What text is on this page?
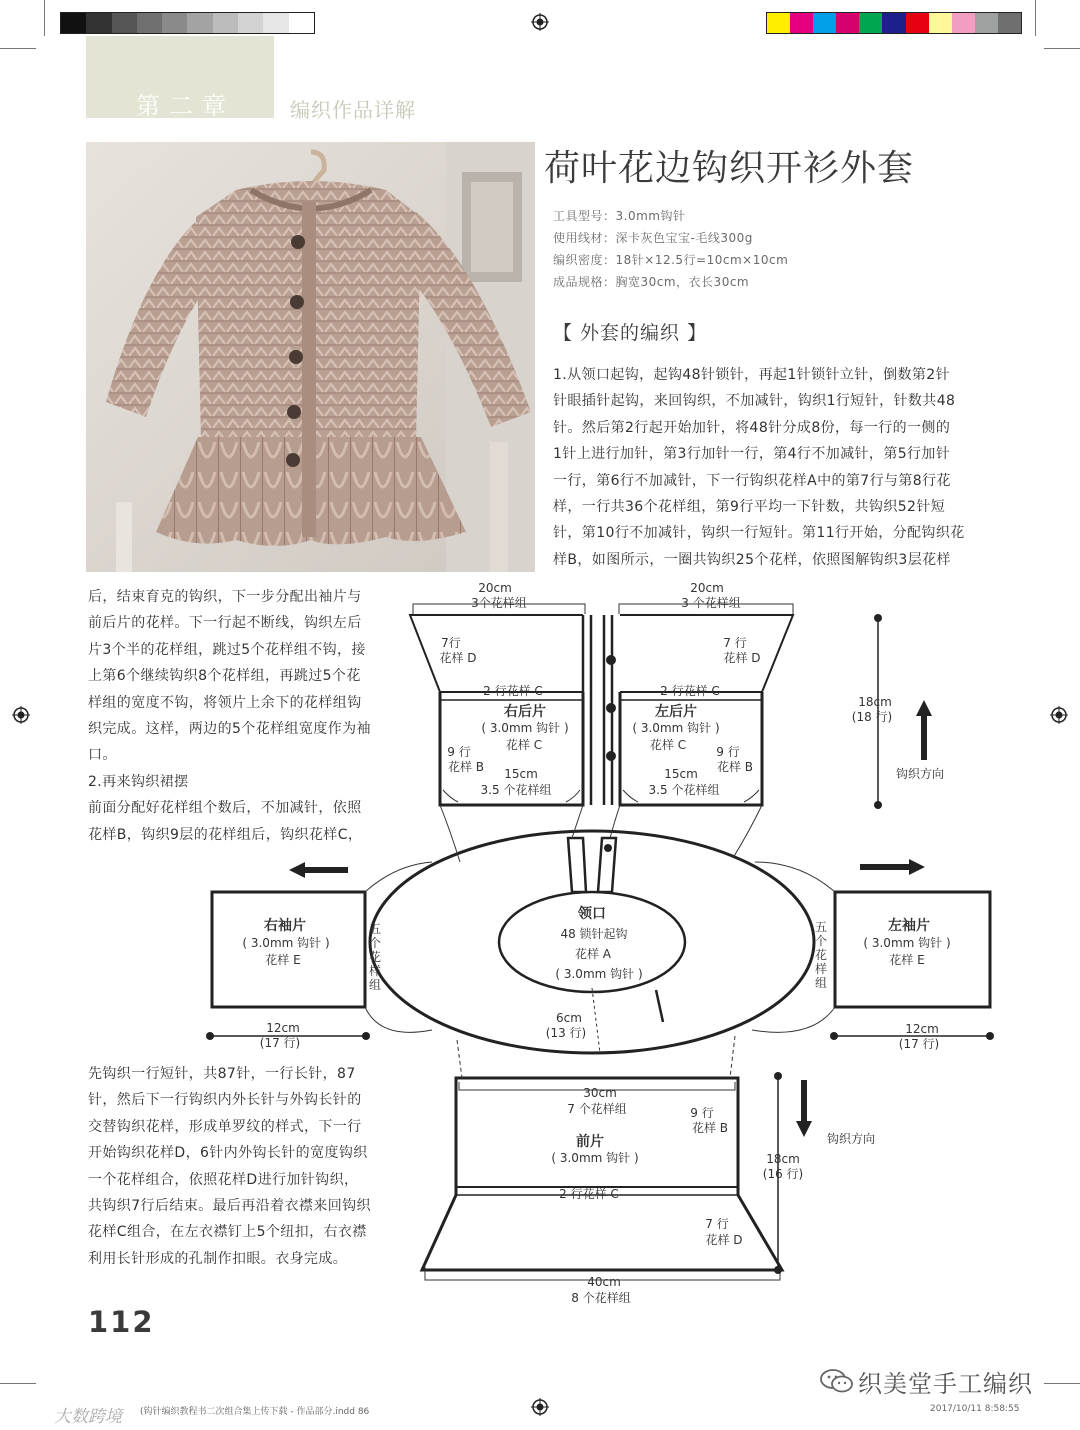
第二章	编织作品详解
荷叶花边钩织开衫外套
工具型号：3.0mm钩针
使用线材：深卡灰色宝宝-毛线300g
编织密度：18针×12.5行=10cm×10cm
成品规格：胸宽30cm，衣长30cm
【 外套的编织 】
1.从领口起钩，起钩48针锁针，再起1针锁针立针，倒数第2针
针眼插针起钩，来回钩织，不加减针，钩织1行短针，针数共48
针。然后第2行起开始加针，将48针分成8份，每一行的一侧的
1针上进行加针，第3行加针一行，第4行不加减针，第5行加针
一行，第6行不加减针，下一行钩织花样A中的第7行与第8行花
样，一行共36个花样组，第9行平均一下针数，共钩织52针短
针，第10行不加减针，钩织一行短针。第11行开始，分配钩织花
样B，如图所示，一圈共钩织25个花样，依照图解钩织3层花样
后，结束育克的钩织，下一步分配出袖片与
前后片的花样。下一行起不断线，钩织左后
片3个半的花样组，跳过5个花样组不钩，接
上第6个继续钩织8个花样组，再跳过5个花
样组的宽度不钩，将领片上余下的花样组钩
织完成。这样，两边的5个花样组宽度作为袖
口。
2.再来钩织裙摆
前面分配好花样组个数后，不加减针，依照
花样B，钩织9层的花样组后，钩织花样C，
先钩织一行短针，共87针，一行长针，87
针，然后下一行钩织内外长针与外钩长针的
交替钩织花样，形成单罗纹的样式，下一行
开始钩织花样D，6针内外钩长针的宽度钩织
一个花样组合，依照花样D进行加针钩织，
共钩织7行后结束。最后再沿着衣襟来回钩织
花样C组合，在左衣襟钉上5个纽扣，右衣襟
利用长针形成的孔制作扣眼。衣身完成。
20cm
3个花样组
7行
花样 D
2 行花样 C
右后片
( 3.0mm 钩针 )
花样 C
9 行
花样 B 15cm
3.5 个花样组
20cm
3 个花样组
7 行
花样 D
2 行花样 C
左后片
( 3.0mm 钩针 )
花样 C	9 行
花样 B
15cm
3.5 个花样组
18cm
(18 行)
钩织方向
右袖片
( 3.0mm 钩针 )
花样 E
12cm
(17 行)
左袖片
( 3.0mm 钩针 )
花样 E
12cm
(17 行)
领口
48 锁针起钩
花样 A
( 3.0mm 钩针 )
6cm
(13 行)
30cm
7 个花样组	9 行
花样 B
前片
( 3.0mm 钩针 )
2 行花样 C
7 行
花样 D
40cm
8 个花样组
18cm
(16 行)
钩织方向
五个花样组
五个花样组
112
(钩针编织教程书二次组合集上传下载 - 作品部分.indd 86	2017/10/11 8:58:55
大数跨境
织美堂手工编织
